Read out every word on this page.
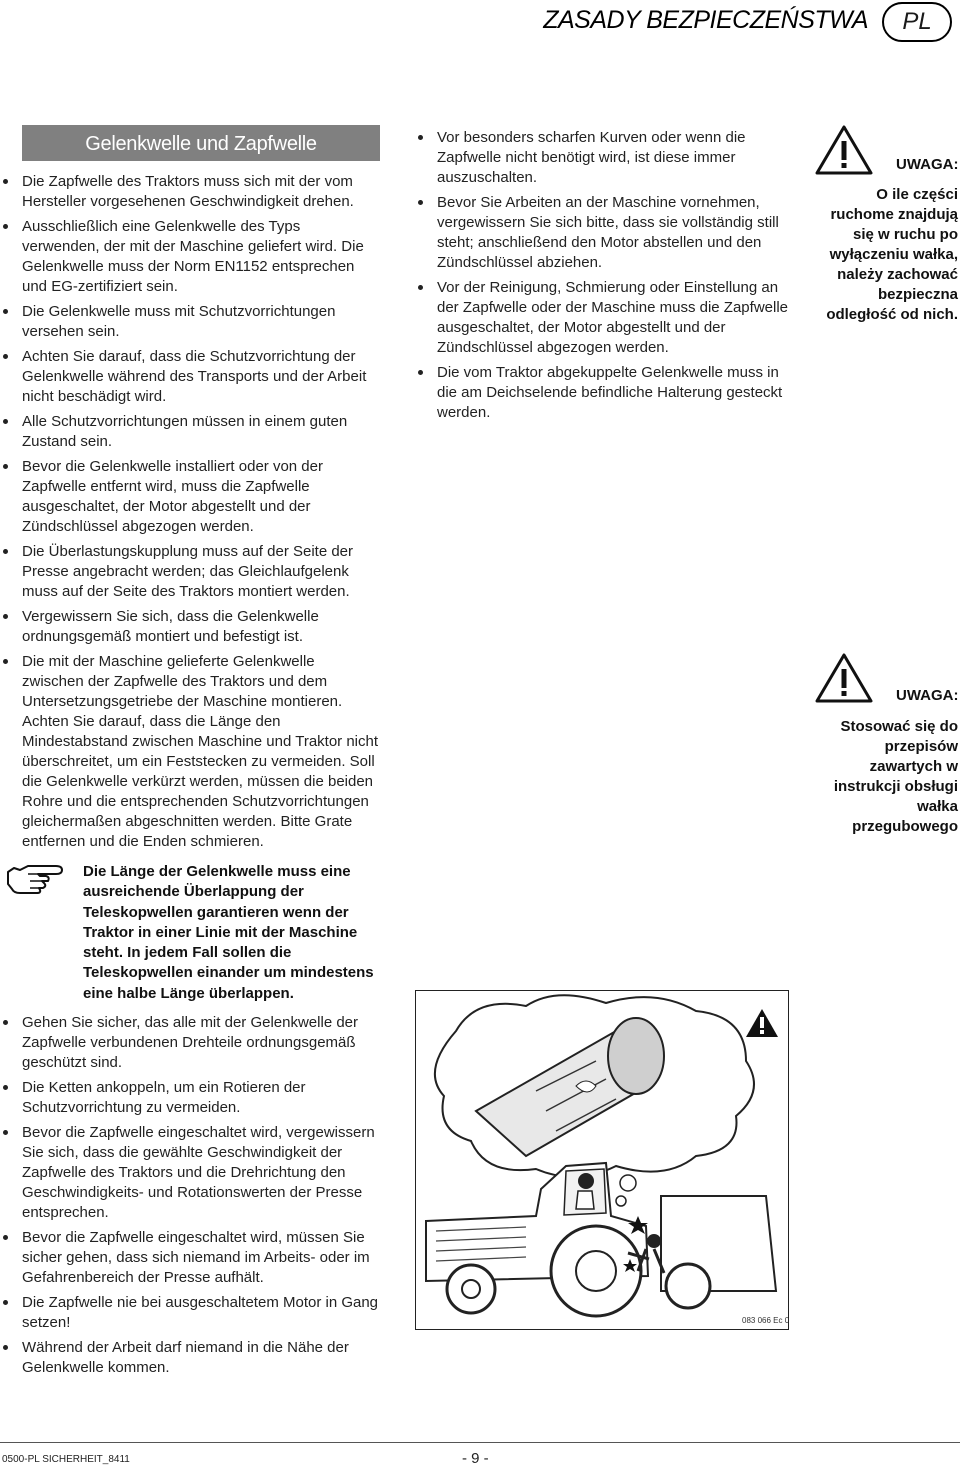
ZASADY BEZPIECZEŃSTWA	PL
Gelenkwelle und Zapfwelle
Die Zapfwelle des Traktors muss sich mit der vom Hersteller vorgesehenen Geschwindigkeit drehen.
Ausschließlich eine Gelenkwelle des Typs verwenden, der mit der Maschine geliefert wird. Die Gelenkwelle muss der Norm EN1152 entsprechen und EG-zertifiziert sein.
Die Gelenkwelle muss mit Schutzvorrichtungen versehen sein.
Achten Sie darauf, dass die Schutzvorrichtung der Gelenkwelle während des Transports und der Arbeit nicht beschädigt wird.
Alle Schutzvorrichtungen müssen in einem guten Zustand sein.
Bevor die Gelenkwelle installiert oder von der Zapfwelle entfernt wird, muss die Zapfwelle ausgeschaltet, der Motor abgestellt und der Zündschlüssel abgezogen werden.
Die Überlastungskupplung muss auf der Seite der Presse angebracht werden; das Gleichlaufgelenk muss auf der Seite des Traktors montiert werden.
Vergewissern Sie sich, dass die Gelenkwelle ordnungsgemäß montiert und befestigt ist.
Die mit der Maschine gelieferte Gelenkwelle zwischen der Zapfwelle des Traktors und dem Untersetzungsgetriebe der Maschine montieren. Achten Sie darauf, dass die Länge den Mindestabstand zwischen Maschine und Traktor nicht überschreitet, um ein Feststecken zu vermeiden. Soll die Gelenkwelle verkürzt werden, müssen die beiden Rohre und die entsprechenden Schutzvorrichtungen gleichermaßen abgeschnitten werden. Bitte Grate entfernen und die Enden schmieren.
Die Länge der Gelenkwelle muss eine ausreichende Überlappung der Teleskopwellen garantieren wenn der Traktor in einer Linie mit der Maschine steht. In jedem Fall sollen die Teleskopwellen einander um mindestens eine halbe Länge überlappen.
Gehen Sie sicher, das alle mit der Gelenkwelle der Zapfwelle verbundenen Drehteile ordnungsgemäß geschützt sind.
Die Ketten ankoppeln, um ein Rotieren der Schutzvorrichtung zu vermeiden.
Bevor die Zapfwelle eingeschaltet wird, vergewissern Sie sich, dass die gewählte Geschwindigkeit der Zapfwelle des Traktors und die Drehrichtung den Geschwindigkeits- und Rotationswerten der Presse entsprechen.
Bevor die Zapfwelle eingeschaltet wird, müssen Sie sicher gehen, dass sich niemand im Arbeits- oder im Gefahrenbereich der Presse aufhält.
Die Zapfwelle nie bei ausgeschaltetem Motor in Gang setzen!
Während der Arbeit darf niemand in die Nähe der Gelenkwelle kommen.
Vor besonders scharfen Kurven oder wenn die Zapfwelle nicht benötigt wird, ist diese immer auszuschalten.
Bevor Sie Arbeiten an der Maschine vornehmen, vergewissern Sie sich bitte, dass sie vollständig still steht; anschließend den Motor abstellen und den Zündschlüssel abziehen.
Vor der Reinigung, Schmierung oder Einstellung an der Zapfwelle oder der Maschine muss die Zapfwelle ausgeschaltet, der Motor abgestellt und der Zündschlüssel abgezogen werden.
Die vom Traktor abgekuppelte Gelenkwelle muss in die am Deichselende befindliche Halterung gesteckt werden.
UWAGA:
O ile części ruchome znajdują się w ruchu po wyłączeniu wałka, należy zachować bezpieczna odległość od nich.
UWAGA:
Stosować się do przepisów zawartych w instrukcji obsługi wałka przegubowego
083 066 Ec 0
0500-PL SICHERHEIT_8411	- 9 -
